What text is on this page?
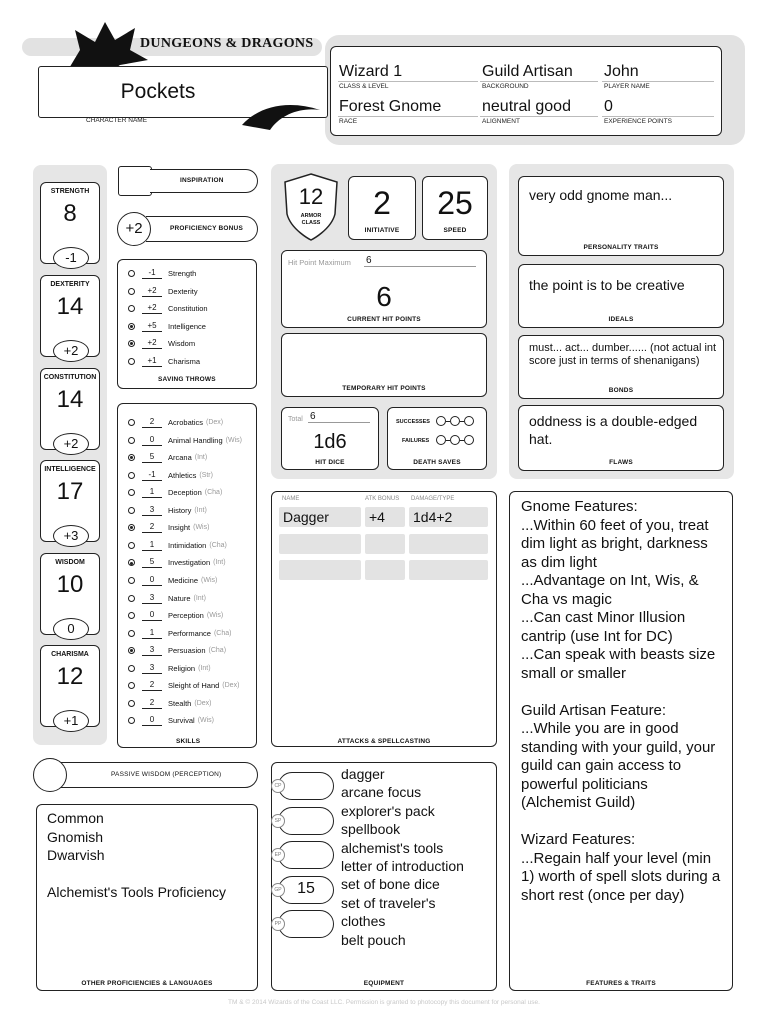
DUNGEONS & DRAGONS
Pockets
CHARACTER NAME
Wizard 1
CLASS & LEVEL
Guild Artisan
BACKGROUND
John
PLAYER NAME
Forest Gnome
RACE
neutral good
ALIGNMENT
0
EXPERIENCE POINTS
STRENGTH
8
-1
DEXTERITY
14
+2
CONSTITUTION
14
+2
INTELLIGENCE
17
+3
WISDOM
10
0
CHARISMA
12
+1
INSPIRATION
+2	PROFICIENCY BONUS
-1	Strength
+2	Dexterity
+2	Constitution
+5	Intelligence
+2	Wisdom
+1	Charisma
SAVING THROWS
2	Acrobatics (Dex)
0	Animal Handling (Wis)
5	Arcana (Int)
-1	Athletics (Str)
1	Deception (Cha)
3	History (Int)
2	Insight (Wis)
1	Intimidation (Cha)
5	Investigation (Int)
0	Medicine (Wis)
3	Nature (Int)
0	Perception (Wis)
1	Performance (Cha)
3	Persuasion (Cha)
3	Religion (Int)
2	Sleight of Hand (Dex)
2	Stealth (Dex)
0	Survival (Wis)
SKILLS
12
ARMOR CLASS
2
INITIATIVE
25
SPEED
Hit Point Maximum 6
6
CURRENT HIT POINTS
TEMPORARY HIT POINTS
Total 6
1d6
HIT DICE
SUCCESSES
FAILURES
DEATH SAVES
very odd gnome man...
PERSONALITY TRAITS
the point is to be creative
IDEALS
must... act... dumber...... (not actual int score just in terms of shenanigans)
BONDS
oddness is a double-edged hat.
FLAWS
NAME	ATK BONUS DAMAGE/TYPE
Dagger	+4	1d4+2
ATTACKS & SPELLCASTING
Gnome Features:
...Within 60 feet of you, treat
dim light as bright, darkness
as dim light
...Advantage on Int, Wis, &
Cha vs magic
...Can cast Minor Illusion
cantrip (use Int for DC)
...Can speak with beasts size
small or smaller
Guild Artisan Feature:
...While you are in good
standing with your guild, your
guild can gain access to
powerful politicians
(Alchemist Guild)
Wizard Features:
...Regain half your level (min
1) worth of spell slots during a
short rest (once per day)
FEATURES & TRAITS
PASSIVE WISDOM (PERCEPTION)
Common
Gnomish
Dwarvish
Alchemist's Tools Proficiency
OTHER PROFICIENCIES & LANGUAGES
CP
SP
EP
GP 15
PP
dagger
arcane focus
explorer's pack
spellbook
alchemist's tools
letter of introduction
set of bone dice
set of traveler's
clothes
belt pouch
EQUIPMENT
TM & © 2014 Wizards of the Coast LLC. Permission is granted to photocopy this document for personal use.
